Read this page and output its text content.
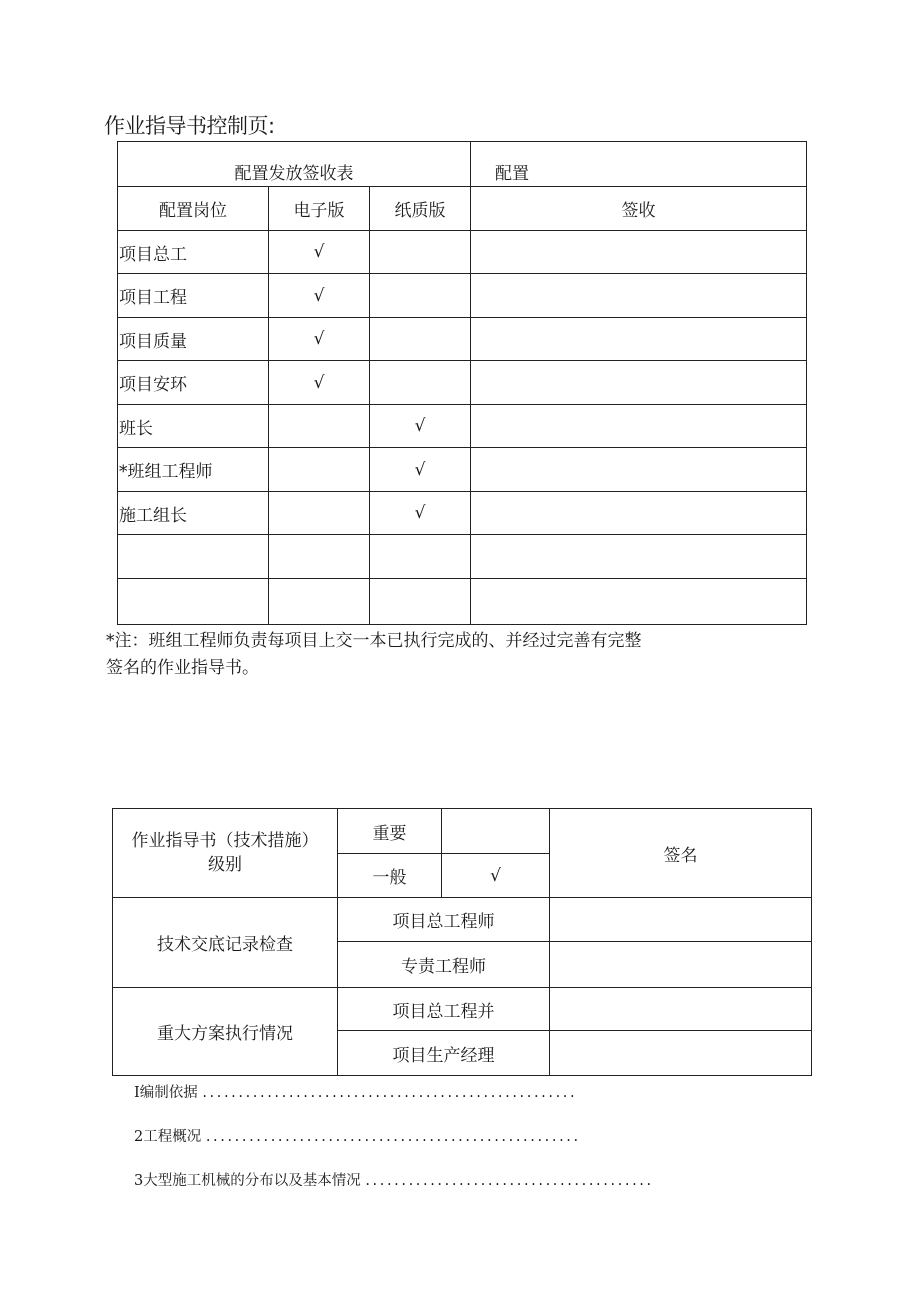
作业指导书控制页:
配置发放签收表			配置
配置岗位	电子版	纸质版	签收
项目总工	√		
项目工程	√		
项目质量	√		
项目安环	√		
班长		√	
*班组工程师		√	
施工组长		√	

*注：班组工程师负责每项目上交一本已执行完成的、并经过完善有完整
签名的作业指导书。
作业指导书（技术措施）
级别	重要		签名
	一般	√	
技术交底记录检查	项目总工程师		
	专责工程师		
重大方案执行情况	项目总工程并		
	项目生产经理		
I编制依据 ....................................................
2工程概况 ....................................................
3大型施工机械的分布以及基本情况 ........................................
